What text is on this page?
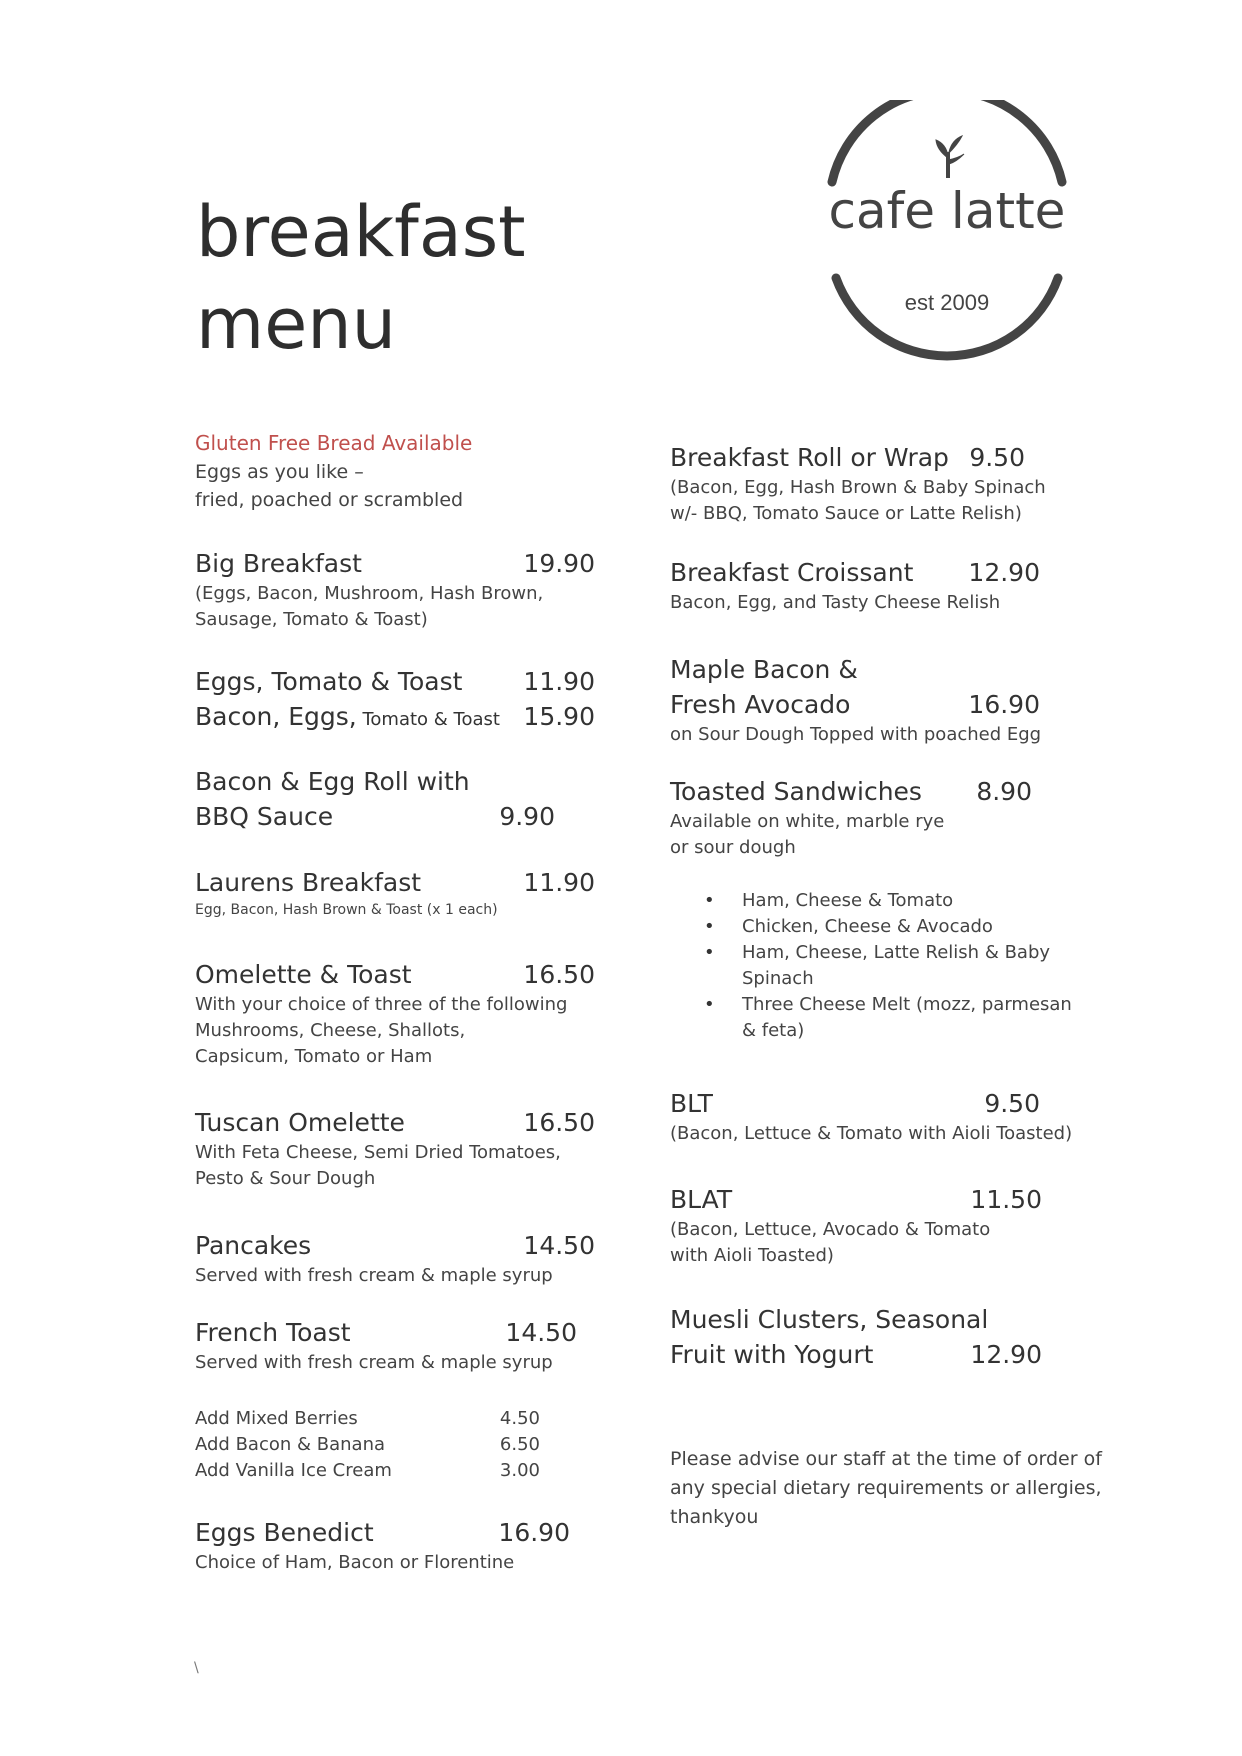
breakfast
menu
cafe latte
est 2009
Gluten Free Bread Available
Eggs as you like –
fried, poached or scrambled
Big Breakfast	19.90
(Eggs, Bacon, Mushroom, Hash Brown,
Sausage, Tomato & Toast)
Eggs, Tomato & Toast 11.90
Bacon, Eggs, Tomato & Toast 15.90
Bacon & Egg Roll with
BBQ Sauce	9.90
Laurens Breakfast	11.90
Egg, Bacon, Hash Brown & Toast (x 1 each)
Omelette & Toast	16.50
With your choice of three of the following
Mushrooms, Cheese, Shallots,
Capsicum, Tomato or Ham
Tuscan Omelette	16.50
With Feta Cheese, Semi Dried Tomatoes,
Pesto & Sour Dough
Pancakes	14.50
Served with fresh cream & maple syrup
French Toast	14.50
Served with fresh cream & maple syrup
Add Mixed Berries	4.50
Add Bacon & Banana	6.50
Add Vanilla Ice Cream	3.00
Eggs Benedict	16.90
Choice of Ham, Bacon or Florentine
Breakfast Roll or Wrap 9.50
(Bacon, Egg, Hash Brown & Baby Spinach
w/- BBQ, Tomato Sauce or Latte Relish)
Breakfast Croissant 12.90
Bacon, Egg, and Tasty Cheese Relish
Maple Bacon &
Fresh Avocado	16.90
on Sour Dough Topped with poached Egg
Toasted Sandwiches 8.90
Available on white, marble rye
or sour dough
• Ham, Cheese & Tomato
• Chicken, Cheese & Avocado
• Ham, Cheese, Latte Relish & Baby
Spinach
• Three Cheese Melt (mozz, parmesan
& feta)
BLT	9.50
(Bacon, Lettuce & Tomato with Aioli Toasted)
BLAT	11.50
(Bacon, Lettuce, Avocado & Tomato
with Aioli Toasted)
Muesli Clusters, Seasonal
Fruit with Yogurt	12.90
Please advise our staff at the time of order of
any special dietary requirements or allergies,
thankyou
\
